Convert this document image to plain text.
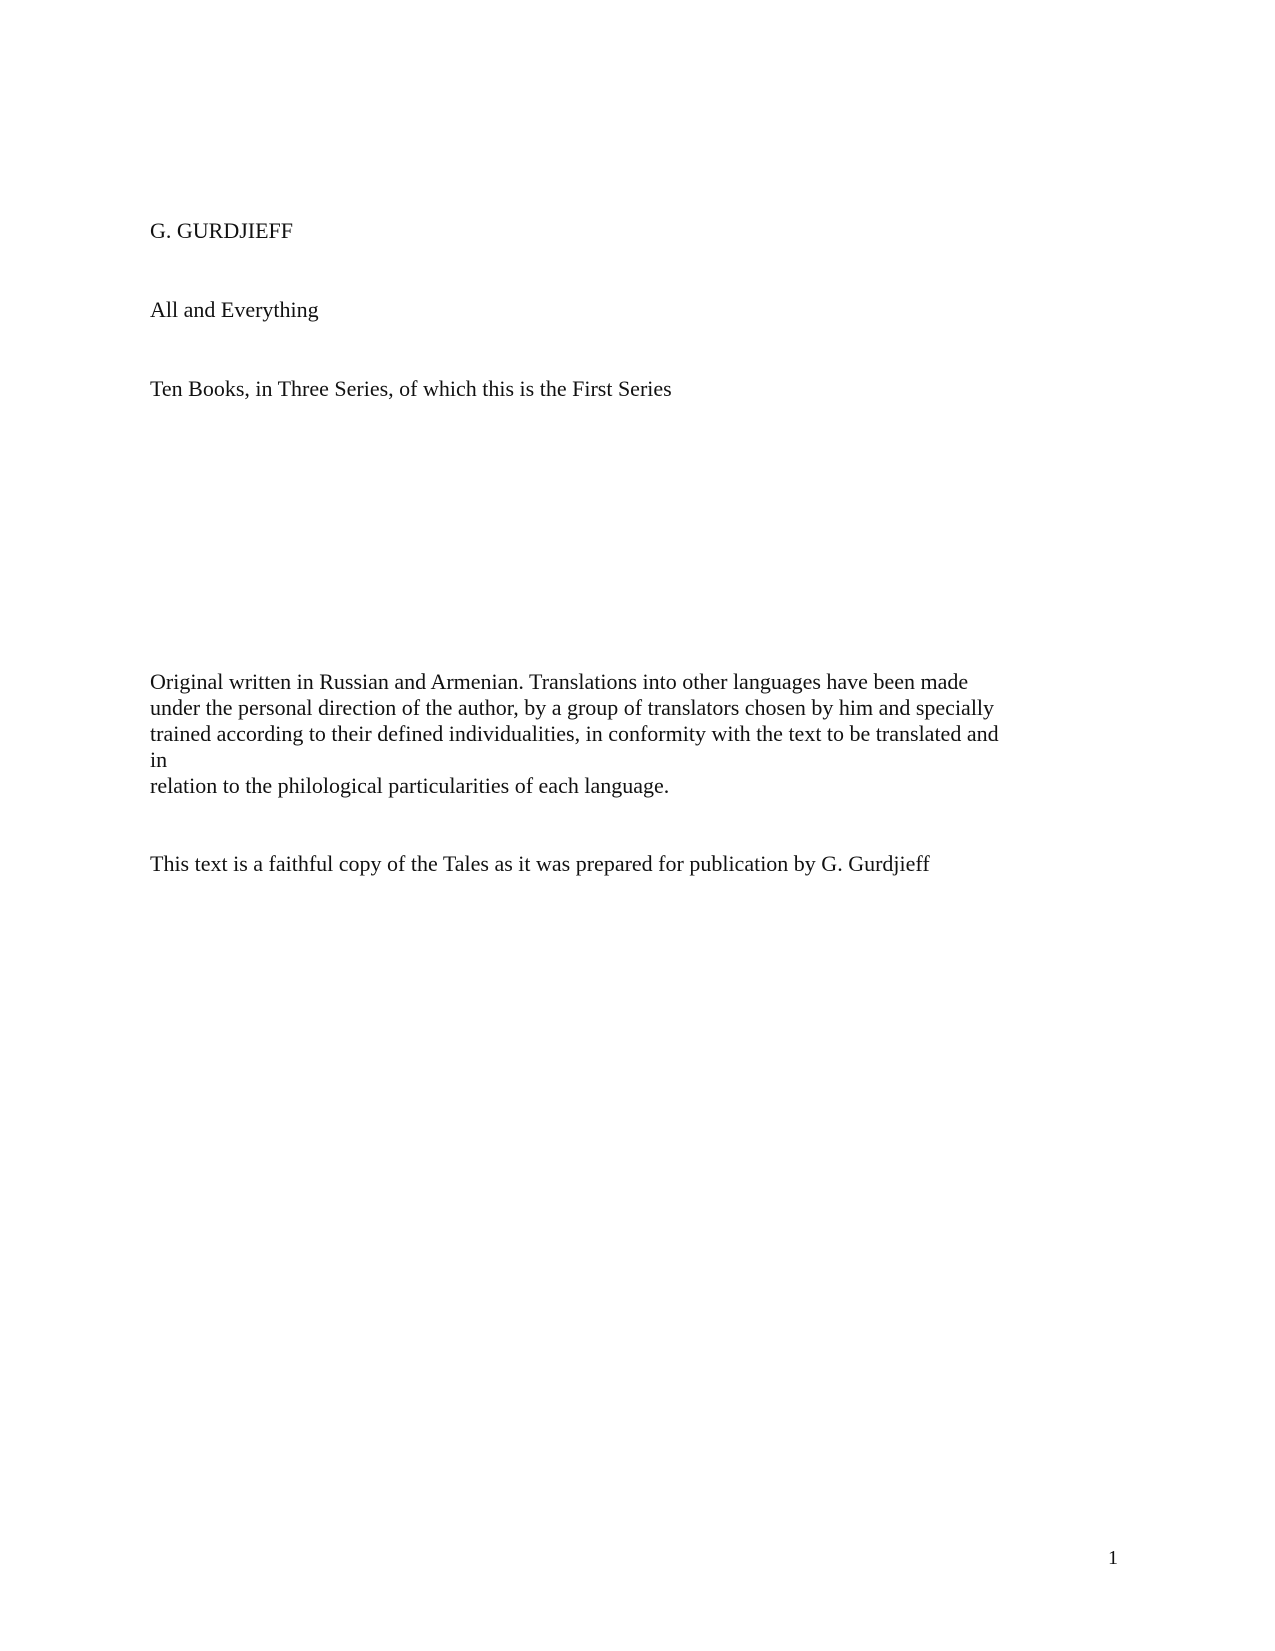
G. GURDJIEFF
All and Everything
Ten Books, in Three Series, of which this is the First Series
Original written in Russian and Armenian. Translations into other languages have been made
under the personal direction of the author, by a group of translators chosen by him and specially
trained according to their defined individualities, in conformity with the text to be translated and
in
relation to the philological particularities of each language.
This text is a faithful copy of the Tales as it was prepared for publication by G. Gurdjieff
1
